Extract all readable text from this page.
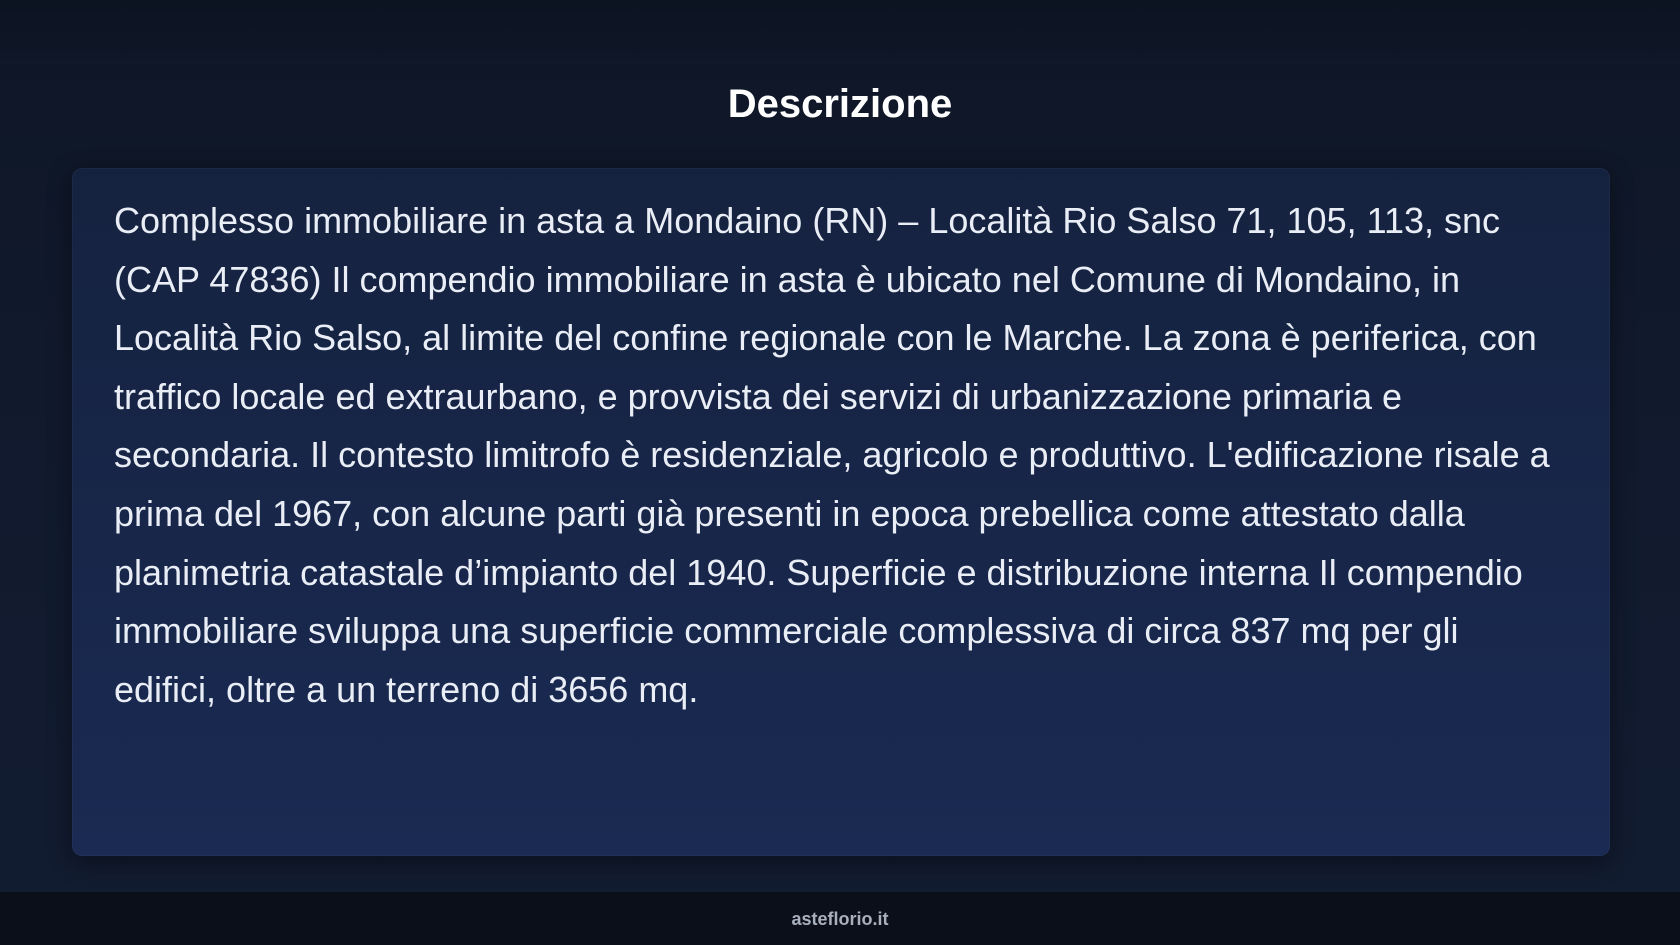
Descrizione

Complesso immobiliare in asta a Mondaino (RN) – Località Rio Salso 71, 105, 113, snc (CAP 47836) Il compendio immobiliare in asta è ubicato nel Comune di Mondaino, in Località Rio Salso, al limite del confine regionale con le Marche. La zona è periferica, con traffico locale ed extraurbano, e provvista dei servizi di urbanizzazione primaria e secondaria. Il contesto limitrofo è residenziale, agricolo e produttivo. L'edificazione risale a prima del 1967, con alcune parti già presenti in epoca prebellica come attestato dalla planimetria catastale d’impianto del 1940. Superficie e distribuzione interna Il compendio immobiliare sviluppa una superficie commerciale complessiva di circa 837 mq per gli edifici, oltre a un terreno di 3656 mq.

asteflorio.it
